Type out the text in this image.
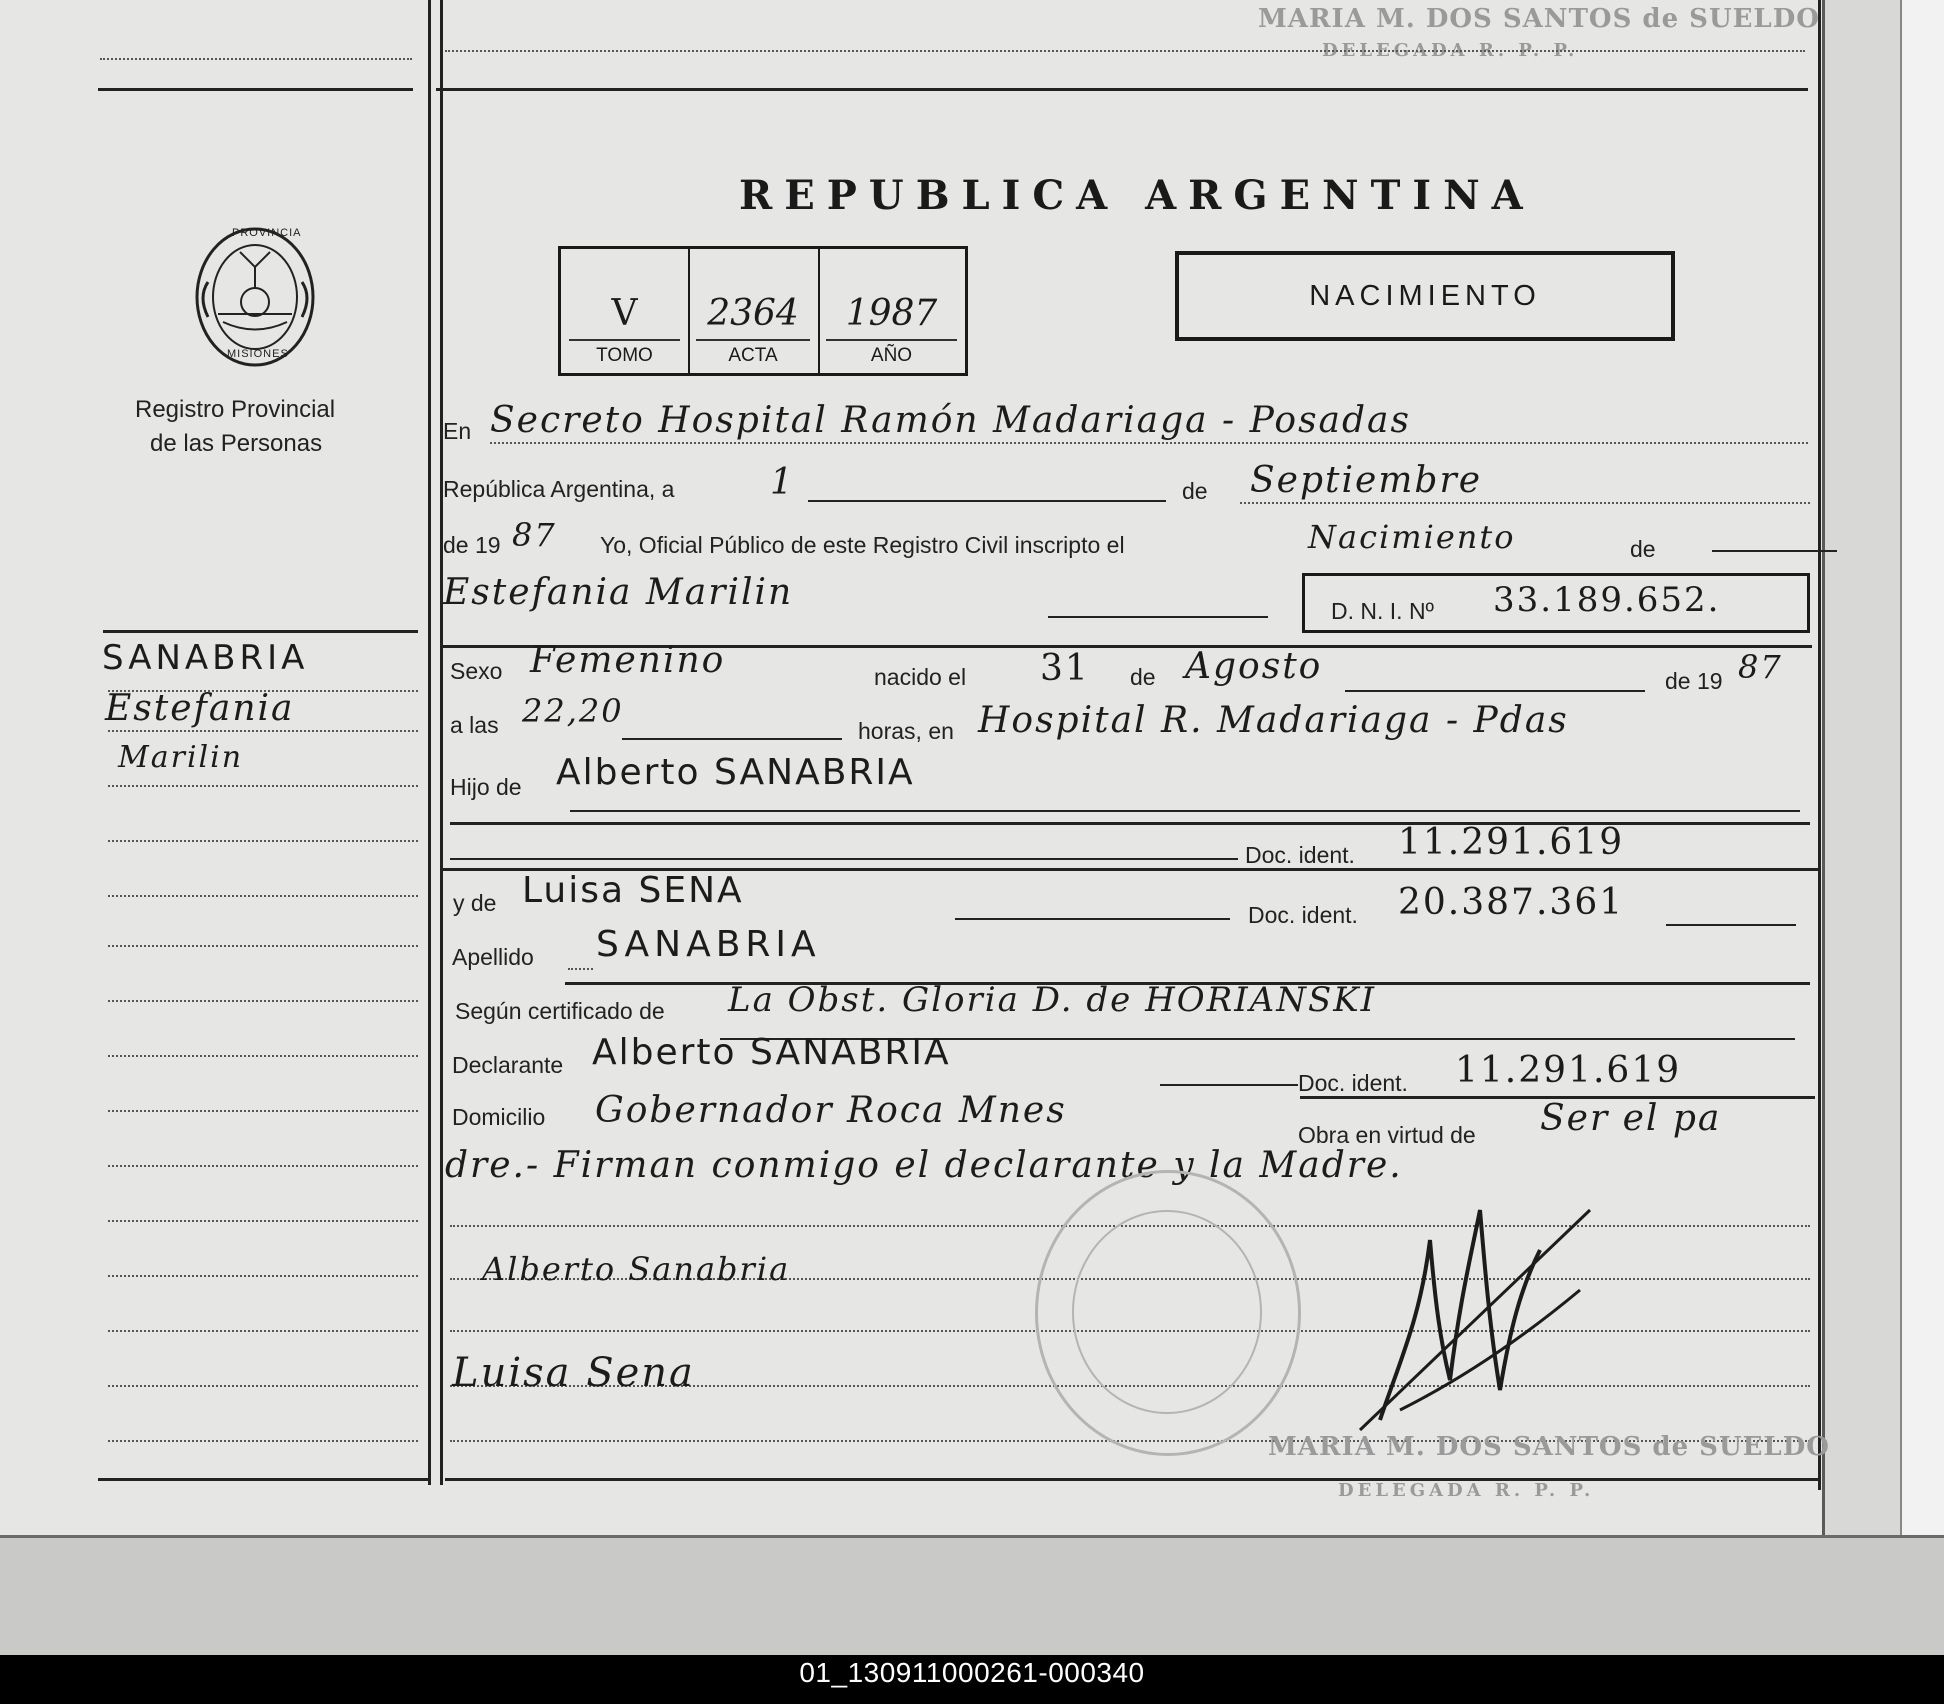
MARIA M. DOS SANTOS de SUELDO
DELEGADA R. P. P.
PROVINCIA
MISIONES
Registro Provincial
de las Personas
SANABRIA
Estefania
Marilin
REPUBLICA ARGENTINA
NACIMIENTO
V
TOMO
2364
ACTA
1987
AÑO
En Secreto Hospital Ramón Madariaga - Posadas
República Argentina, a	1	de Septiembre
de 19 87 Yo, Oficial Público de este Registro Civil inscripto el	Nacimiento	de
Estefania Marilin	D. N. I. Nº 33.189.652.
Sexo Femenino	nacido el 31 de Agosto	de 19 87
a las 22,20
horas, en Hospital R. Madariaga - Pdas
Hijo de Alberto SANABRIA
Doc. ident. 11.291.619
y de Luisa SENA
Doc. ident. 20.387.361
Apellido SANABRIA
Según certificado de La Obst. Gloria D. de HORIANSKI
Declarante Alberto SANABRIA
Doc. ident. 11.291.619
Domicilio Gobernador Roca Mnes
Obra en virtud de Ser el pa
dre.- Firman conmigo el declarante y la Madre.
Alberto Sanabria
Luisa Sena
MARIA M. DOS SANTOS de SUELDO
DELEGADA R. P. P.
01_130911000261-000340
